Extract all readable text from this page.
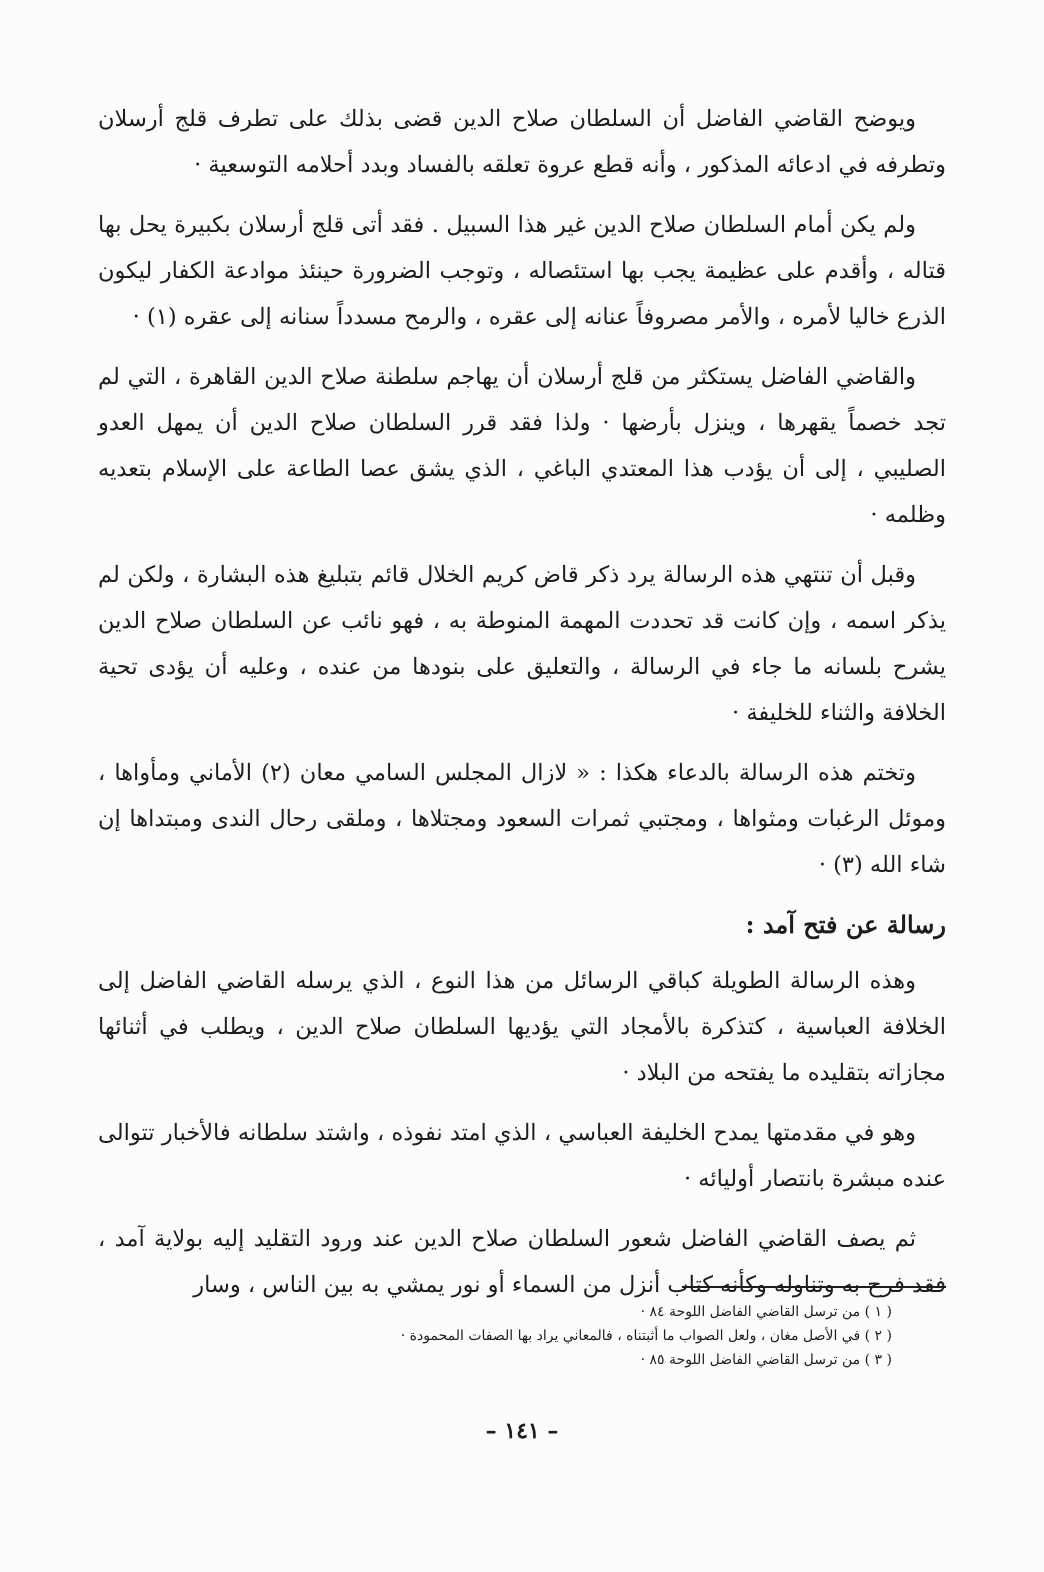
ويوضح القاضي الفاضل أن السلطان صلاح الدين قضى بذلك على تطرف قلج أرسلان وتطرفه في ادعائه المذكور ، وأنه قطع عروة تعلقه بالفساد وبدد أحلامه التوسعية ·

ولم يكن أمام السلطان صلاح الدين غير هذا السبيل . فقد أتى قلج أرسلان بكبيرة يحل بها قتاله ، وأقدم على عظيمة يجب بها استئصاله ، وتوجب الضرورة حينئذ موادعة الكفار ليكون الذرع خاليا لأمره ، والأمر مصروفاً عنانه إلى عقره ، والرمح مسدداً سنانه إلى عقره (١) ·

والقاضي الفاضل يستكثر من قلج أرسلان أن يهاجم سلطنة صلاح الدين القاهرة ، التي لم تجد خصماً يقهرها ، وينزل بأرضها · ولذا فقد قرر السلطان صلاح الدين أن يمهل العدو الصليبي ، إلى أن يؤدب هذا المعتدي الباغي ، الذي يشق عصا الطاعة على الإسلام بتعديه وظلمه ·

وقبل أن تنتهي هذه الرسالة يرد ذكر قاض كريم الخلال قائم بتبليغ هذه البشارة ، ولكن لم يذكر اسمه ، وإن كانت قد تحددت المهمة المنوطة به ، فهو نائب عن السلطان صلاح الدين يشرح بلسانه ما جاء في الرسالة ، والتعليق على بنودها من عنده ، وعليه أن يؤدى تحية الخلافة والثناء للخليفة ·

وتختم هذه الرسالة بالدعاء هكذا : « لازال المجلس السامي معان (٢) الأماني ومأواها ، وموئل الرغبات ومثواها ، ومجتبي ثمرات السعود ومجتلاها ، وملقى رحال الندى ومبتداها إن شاء الله (٣) ·

رسالة عن فتح آمد :

وهذه الرسالة الطويلة كباقي الرسائل من هذا النوع ، الذي يرسله القاضي الفاضل إلى الخلافة العباسية ، كتذكرة بالأمجاد التي يؤديها السلطان صلاح الدين ، ويطلب في أثنائها مجازاته بتقليده ما يفتحه من البلاد ·

وهو في مقدمتها يمدح الخليفة العباسي ، الذي امتد نفوذه ، واشتد سلطانه فالأخبار تتوالى عنده مبشرة بانتصار أوليائه ·

ثم يصف القاضي الفاضل شعور السلطان صلاح الدين عند ورود التقليد إليه بولاية آمد ، فقد فرح به وتناوله وكأنه كتاب أنزل من السماء أو نور يمشي به بين الناس ، وسار

( ١ ) من ترسل القاضي الفاضل اللوحة ٨٤ ·

( ٢ ) في الأصل مغان ، ولعل الصواب ما أثبتناه ، فالمعاني يراد بها الصفات المحمودة ·

( ٣ ) من ترسل القاضي الفاضل اللوحة ٨٥ ·

– ١٤١ –
